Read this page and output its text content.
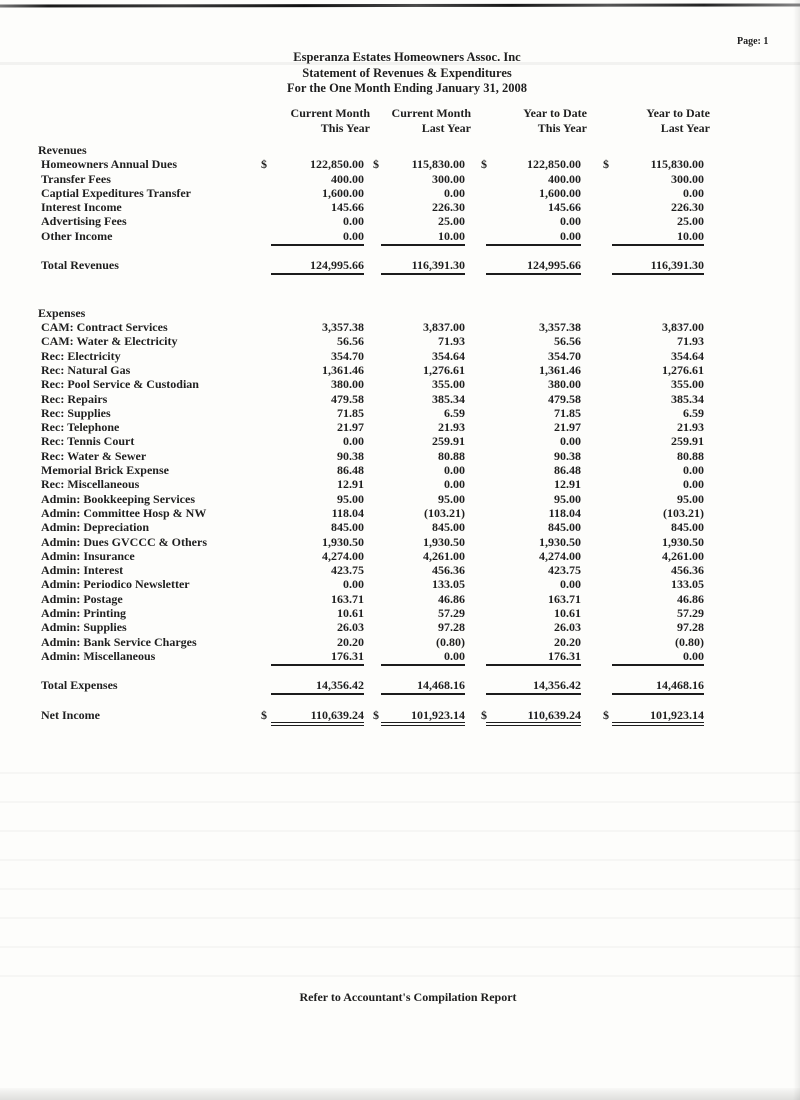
Page: 1
Esperanza Estates Homeowners Assoc. Inc
Statement of Revenues & Expenditures
For the One Month Ending January 31, 2008
Current Month	Current Month	Year to Date	Year to Date
This Year	Last Year	This Year	Last Year
Revenues
Homeowners Annual Dues	$	122,850.00 $	115,830.00 $	122,850.00 $	115,830.00
Transfer Fees	400.00	300.00	400.00	300.00
Captial Expeditures Transfer	1,600.00	0.00	1,600.00	0.00
Interest Income	145.66	226.30	145.66	226.30
Advertising Fees	0.00	25.00	0.00	25.00
Other Income	0.00	10.00	0.00	10.00
Total Revenues	124,995.66	116,391.30	124,995.66	116,391.30
Expenses
CAM: Contract Services	3,357.38	3,837.00	3,357.38	3,837.00
CAM: Water & Electricity	56.56	71.93	56.56	71.93
Rec: Electricity	354.70	354.64	354.70	354.64
Rec: Natural Gas	1,361.46	1,276.61	1,361.46	1,276.61
Rec: Pool Service & Custodian	380.00	355.00	380.00	355.00
Rec: Repairs	479.58	385.34	479.58	385.34
Rec: Supplies	71.85	6.59	71.85	6.59
Rec: Telephone	21.97	21.93	21.97	21.93
Rec: Tennis Court	0.00	259.91	0.00	259.91
Rec: Water & Sewer	90.38	80.88	90.38	80.88
Memorial Brick Expense	86.48	0.00	86.48	0.00
Rec: Miscellaneous	12.91	0.00	12.91	0.00
Admin: Bookkeeping Services	95.00	95.00	95.00	95.00
Admin: Committee Hosp & NW	118.04	(103.21)	118.04	(103.21)
Admin: Depreciation	845.00	845.00	845.00	845.00
Admin: Dues GVCCC & Others	1,930.50	1,930.50	1,930.50	1,930.50
Admin: Insurance	4,274.00	4,261.00	4,274.00	4,261.00
Admin: Interest	423.75	456.36	423.75	456.36
Admin: Periodico Newsletter	0.00	133.05	0.00	133.05
Admin: Postage	163.71	46.86	163.71	46.86
Admin: Printing	10.61	57.29	10.61	57.29
Admin: Supplies	26.03	97.28	26.03	97.28
Admin: Bank Service Charges	20.20	(0.80)	20.20	(0.80)
Admin: Miscellaneous	176.31	0.00	176.31	0.00
Total Expenses	14,356.42	14,468.16	14,356.42	14,468.16
Net Income	$	110,639.24 $	101,923.14 $	110,639.24 $	101,923.14
Refer to Accountant's Compilation Report
